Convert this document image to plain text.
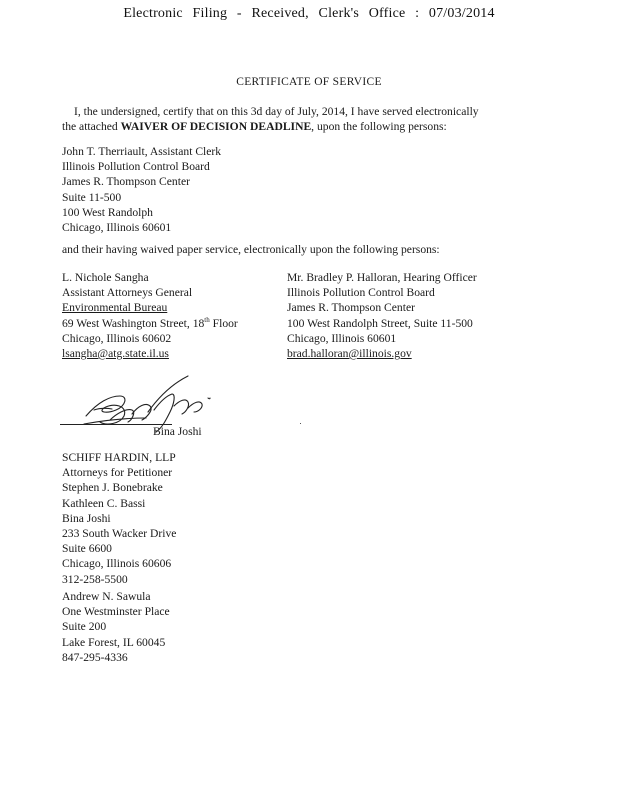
Electronic Filing - Received, Clerk's Office : 07/03/2014
CERTIFICATE OF SERVICE
I, the undersigned, certify that on this 3d day of July, 2014, I have served electronically
the attached WAIVER OF DECISION DEADLINE, upon the following persons:
John T. Therriault, Assistant Clerk
Illinois Pollution Control Board
James R. Thompson Center
Suite 11-500
100 West Randolph
Chicago, Illinois 60601
and their having waived paper service, electronically upon the following persons:
L. Nichole Sangha
Assistant Attorneys General
Environmental Bureau
69 West Washington Street, 18th Floor
Chicago, Illinois 60602
lsangha@atg.state.il.us
Mr. Bradley P. Halloran, Hearing Officer
Illinois Pollution Control Board
James R. Thompson Center
100 West Randolph Street, Suite 11-500
Chicago, Illinois 60601
brad.halloran@illinois.gov
Bina Joshi
SCHIFF HARDIN, LLP
Attorneys for Petitioner
Stephen J. Bonebrake
Kathleen C. Bassi
Bina Joshi
233 South Wacker Drive
Suite 6600
Chicago, Illinois 60606
312-258-5500
Andrew N. Sawula
One Westminster Place
Suite 200
Lake Forest, IL 60045
847-295-4336
